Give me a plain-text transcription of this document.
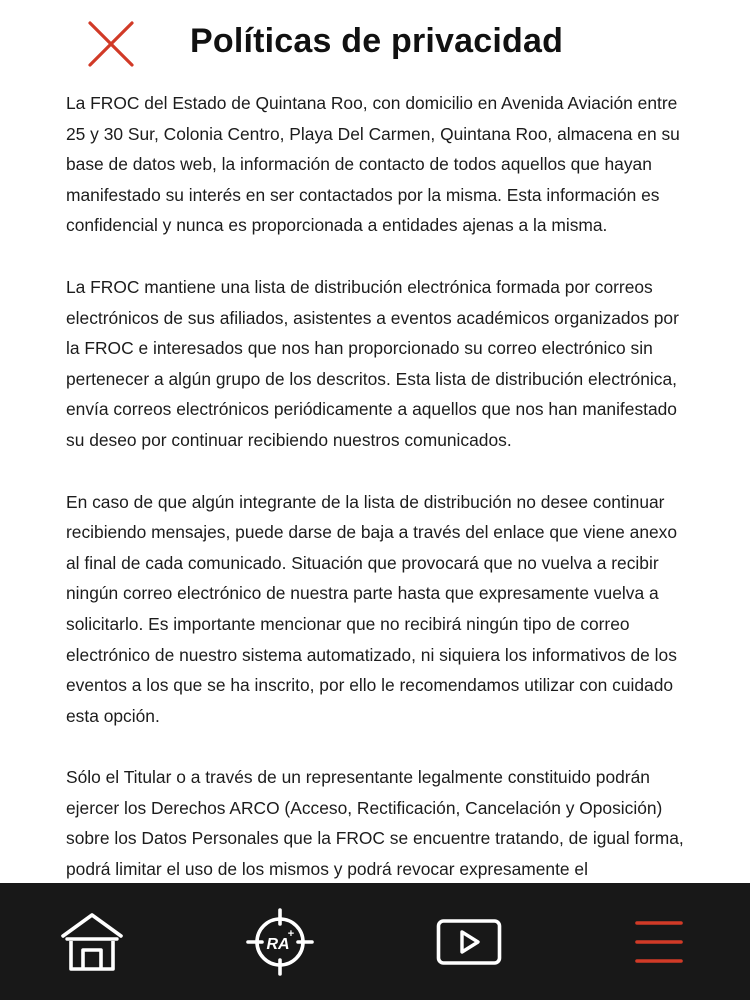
Políticas de privacidad

La FROC del Estado de Quintana Roo, con domicilio en Avenida Aviación entre 25 y 30 Sur, Colonia Centro, Playa Del Carmen, Quintana Roo, almacena en su base de datos web, la información de contacto de todos aquellos que hayan manifestado su interés en ser contactados por la misma. Esta información es confidencial y nunca es proporcionada a entidades ajenas a la misma.

La FROC mantiene una lista de distribución electrónica formada por correos electrónicos de sus afiliados, asistentes a eventos académicos organizados por la FROC e interesados que nos han proporcionado su correo electrónico sin pertenecer a algún grupo de los descritos. Esta lista de distribución electrónica, envía correos electrónicos periódicamente a aquellos que nos han manifestado su deseo por continuar recibiendo nuestros comunicados.

En caso de que algún integrante de la lista de distribución no desee continuar recibiendo mensajes, puede darse de baja a través del enlace que viene anexo al final de cada comunicado. Situación que provocará que no vuelva a recibir ningún correo electrónico de nuestra parte hasta que expresamente vuelva a solicitarlo. Es importante mencionar que no recibirá ningún tipo de correo electrónico de nuestro sistema automatizado, ni siquiera los informativos de los eventos a los que se ha inscrito, por ello le recomendamos utilizar con cuidado esta opción.

Sólo el Titular o a través de un representante legalmente constituido podrán ejercer los Derechos ARCO (Acceso, Rectificación, Cancelación y Oposición) sobre los Datos Personales que la FROC se encuentre tratando, de igual forma, podrá limitar el uso de los mismos y podrá revocar expresamente el

RA
+
